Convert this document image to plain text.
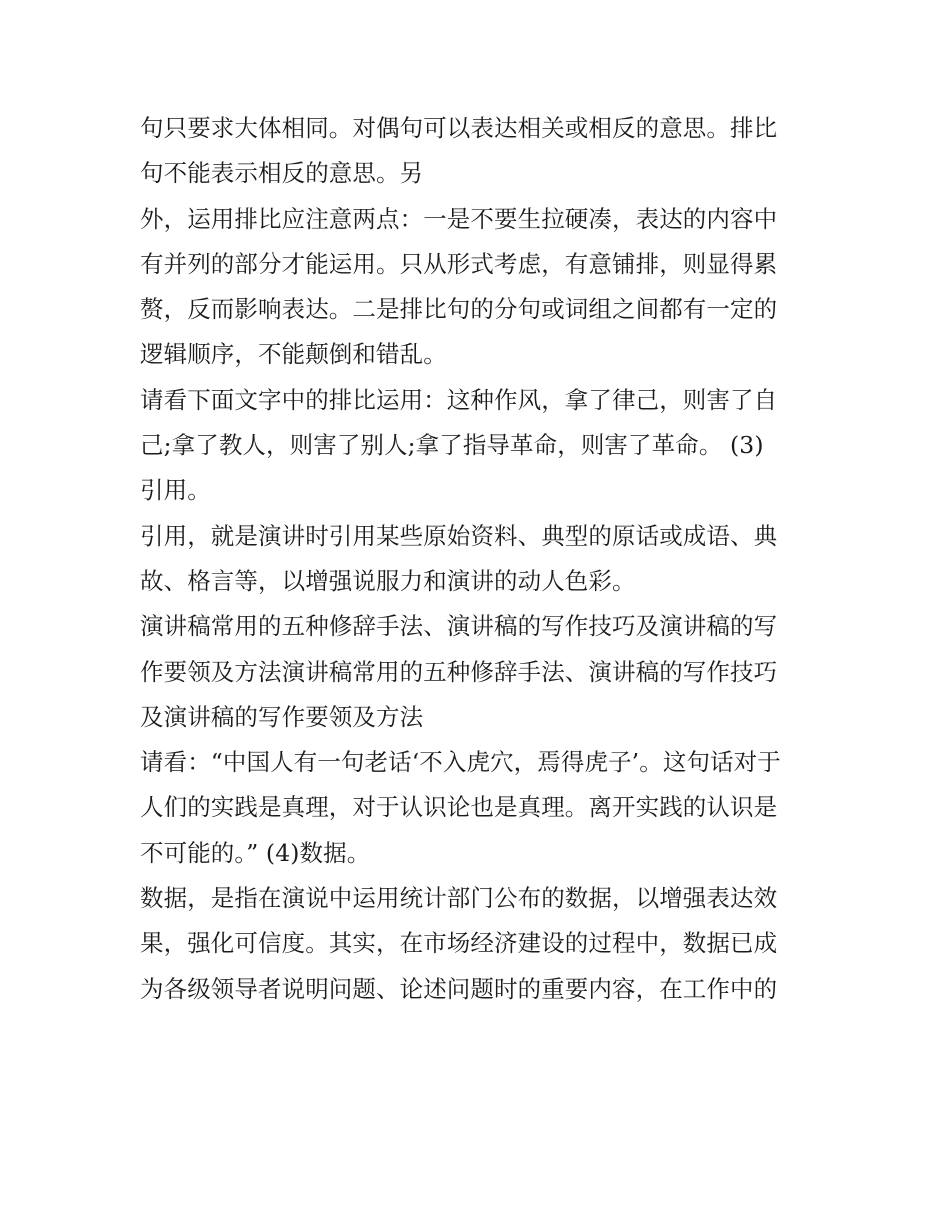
句只要求大体相同。对偶句可以表达相关或相反的意思。排比
句不能表示相反的意思。另
外，运用排比应注意两点：一是不要生拉硬凑，表达的内容中
有并列的部分才能运用。只从形式考虑，有意铺排，则显得累
赘，反而影响表达。二是排比句的分句或词组之间都有一定的
逻辑顺序，不能颠倒和错乱。
请看下面文字中的排比运用：这种作风，拿了律己，则害了自
己;拿了教人，则害了别人;拿了指导革命，则害了革命。 (3)
引用。
引用，就是演讲时引用某些原始资料、典型的原话或成语、典
故、格言等，以增强说服力和演讲的动人色彩。
演讲稿常用的五种修辞手法、演讲稿的写作技巧及演讲稿的写
作要领及方法演讲稿常用的五种修辞手法、演讲稿的写作技巧
及演讲稿的写作要领及方法
请看：“中国人有一句老话‘不入虎穴，焉得虎子’。这句话对于
人们的实践是真理，对于认识论也是真理。离开实践的认识是
不可能的。” (4)数据。
数据，是指在演说中运用统计部门公布的数据，以增强表达效
果，强化可信度。其实，在市场经济建设的过程中，数据已成
为各级领导者说明问题、论述问题时的重要内容，在工作中的
